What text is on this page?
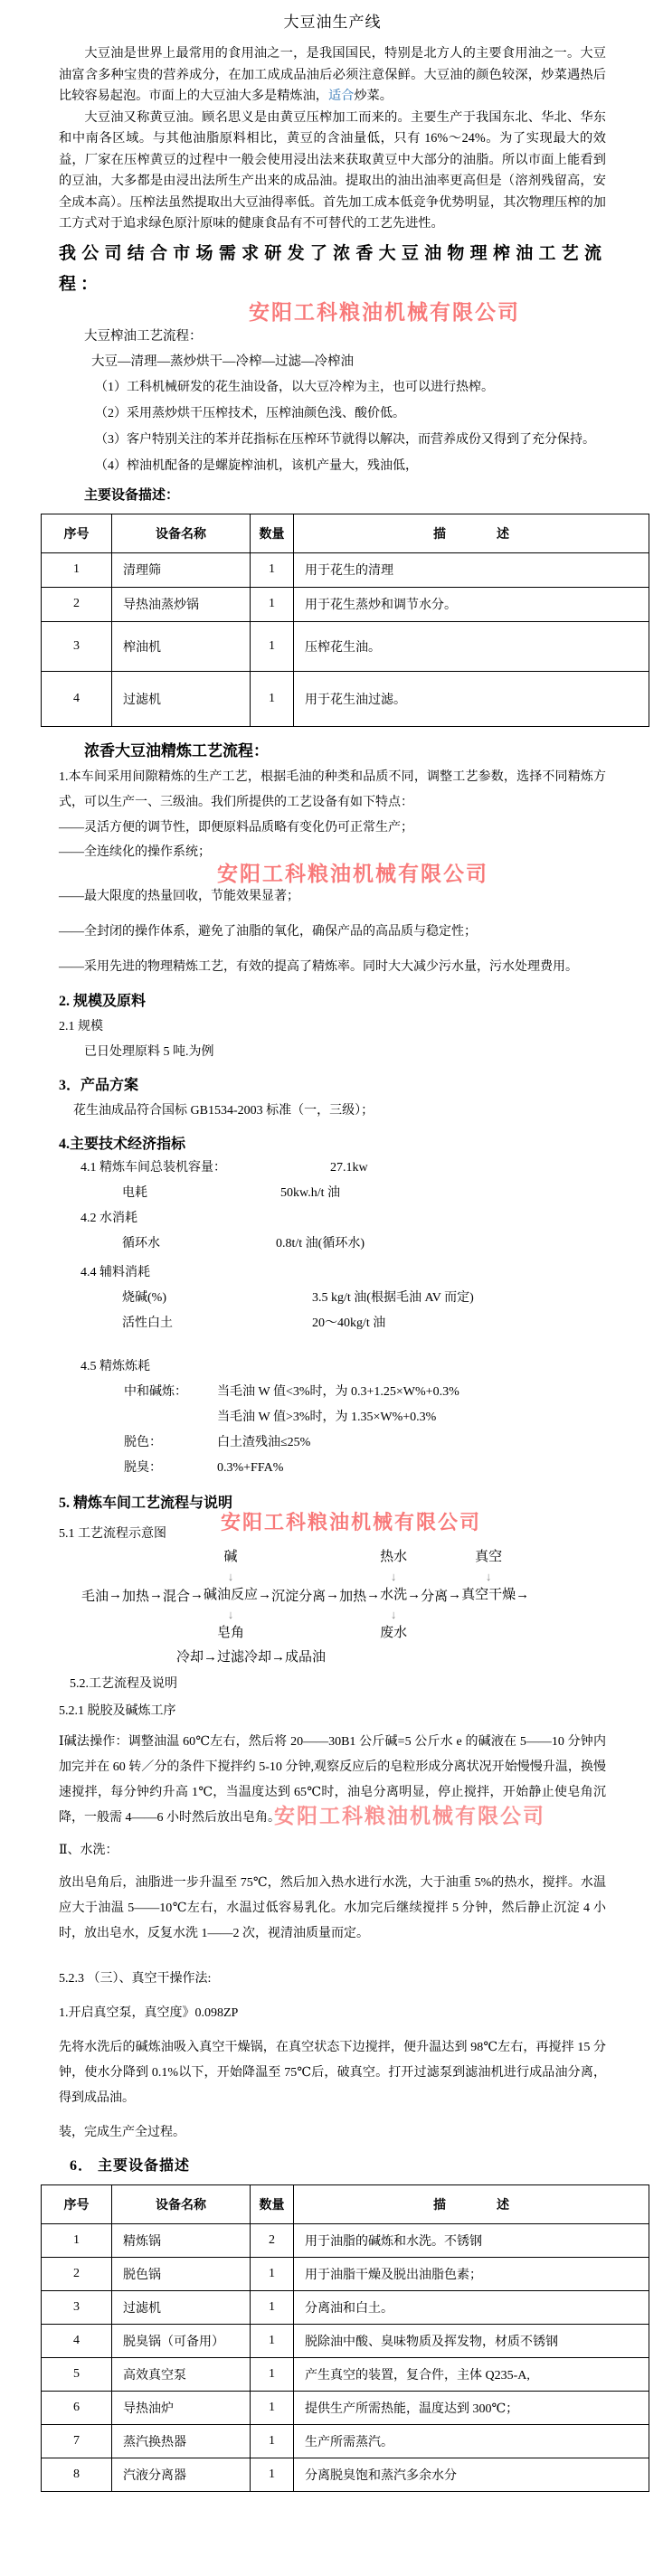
大豆油生产线

大豆油是世界上最常用的食用油之一，是我国国民，特别是北方人的主要食用油之一。大豆油富含多种宝贵的营养成分，在加工成成品油后必须注意保鲜。大豆油的颜色较深，炒菜遇热后比较容易起泡。市面上的大豆油大多是精炼油，适合炒菜。

大豆油又称黄豆油。顾名思义是由黄豆压榨加工而来的。主要生产于我国东北、华北、华东和中南各区域。与其他油脂原料相比，黄豆的含油量低，只有 16%～24%。为了实现最大的效益，厂家在压榨黄豆的过程中一般会使用浸出法来获取黄豆中大部分的油脂。所以市面上能看到的豆油，大多都是由浸出法所生产出来的成品油。提取出的油出油率更高但是（溶剂残留高，安全成本高）。压榨法虽然提取出大豆油得率低。首先加工成本低竞争优势明显，其次物理压榨的加工方式对于追求绿色原汁原味的健康食品有不可替代的工艺先进性。

我公司结合市场需求研发了浓香大豆油物理榨油工艺流程：
安阳工科粮油机械有限公司
大豆榨油工艺流程：
大豆—清理—蒸炒烘干—冷榨—过滤—冷榨油

（1）工科机械研发的花生油设备，以大豆冷榨为主，也可以进行热榨。

（2）采用蒸炒烘干压榨技术，压榨油颜色浅、酸价低。

（3）客户特别关注的苯并芘指标在压榨环节就得以解决，而营养成份又得到了充分保持。

（4）榨油机配备的是螺旋榨油机，该机产量大，残油低，

主要设备描述：
序号	设备名称	数量	描　　　　述
1	清理筛	1	用于花生的清理
2	导热油蒸炒锅	1	用于花生蒸炒和调节水分。
3	榨油机	1	压榨花生油。
4	过滤机	1	用于花生油过滤。
浓香大豆油精炼工艺流程：

1.本车间采用间隙精炼的生产工艺，根据毛油的种类和品质不同，调整工艺参数，选择不同精炼方式，可以生产一、三级油。我们所提供的工艺设备有如下特点：

——灵活方便的调节性，即便原料品质略有变化仍可正常生产；

——全连续化的操作系统；

安阳工科粮油机械有限公司

——最大限度的热量回收，节能效果显著；

——全封闭的操作体系，避免了油脂的氧化，确保产品的高品质与稳定性；

——采用先进的物理精炼工艺，有效的提高了精炼率。同时大大减少污水量，污水处理费用。

2. 规模及原料

2.1 规模

已日处理原料 5 吨.为例

3．产品方案

花生油成品符合国标 GB1534-2003 标准（一，三级）；

4.主要技术经济指标
4.1 精炼车间总装机容量：	27.1kw
电耗	50kw.h/t 油
4.2 水消耗
循环水	0.8t/t 油(循环水)
4.4 辅料消耗
烧碱(%)	3.5 kg/t 油(根据毛油 AV 而定)
活性白土	20～40kg/t 油
4.5 精炼炼耗
中和碱炼： 当毛油 W 值<3%时，为 0.3+1.25×W%+0.3%
当毛油 W 值>3%时，为 1.35×W%+0.3%
脱色：	白土渣残油≤25%
脱臭：	0.3%+FFA%
5. 精炼车间工艺流程与说明
5.1 工艺流程示意图安阳工科粮油机械有限公司
毛油 → 加热 → 混合 →
碱
↓
碱油反应
↓
皂角
→ 沉淀分离 → 加热 →
热水
↓
水洗
↓
废水
→ 分离 →
真空
↓
真空干燥 →
冷却→过滤冷却→成品油

5.2.工艺流程及说明

5.2.1 脱胶及碱炼工序

安阳工科粮油机械有限公司

Ⅰ碱法操作：调整油温 60℃左右，然后将 20——30B1 公斤碱=5 公斤水 e 的碱液在 5——10 分钟内加完并在 60 转／分的条件下搅拌约 5-10 分钟,观察反应后的皂粒形成分离状况开始慢慢升温，换慢速搅拌，每分钟约升高 1℃，当温度达到 65℃时，油皂分离明显，停止搅拌，开始静止使皂角沉降，一般需 4——6 小时然后放出皂角。

Ⅱ、水洗：

放出皂角后，油脂进一步升温至 75℃，然后加入热水进行水洗，大于油重 5%的热水，搅拌。水温应大于油温 5——10℃左右，水温过低容易乳化。水加完后继续搅拌 5 分钟，然后静止沉淀 4 小时，放出皂水，反复水洗 1——2 次，视清油质量而定。

5.2.3 （三）、真空干操作法:

1.开启真空泵，真空度》0.098ZP

先将水洗后的碱炼油吸入真空干燥锅，在真空状态下边搅拌，便升温达到 98℃左右，再搅拌 15 分钟，使水分降到 0.1%以下，开始降温至 75℃后，破真空。打开过滤泵到滤油机进行成品油分离，得到成品油。

装，完成生产全过程。

6． 主要设备描述
序号	设备名称	数量	描　　　　述
1	精炼锅	2	用于油脂的碱炼和水洗。不锈钢
2	脱色锅	1	用于油脂干燥及脱出油脂色素；
3	过滤机	1	分离油和白土。
4	脱臭锅（可备用）	1	脱除油中酸、臭味物质及挥发物，材质不锈钢
5	高效真空泵	1	产生真空的装置，复合件，主体 Q235-A,
6	导热油炉	1	提供生产所需热能，温度达到 300℃；
7	蒸汽换热器	1	生产所需蒸汽。
8	汽液分离器	1	分离脱臭饱和蒸汽多余水分
